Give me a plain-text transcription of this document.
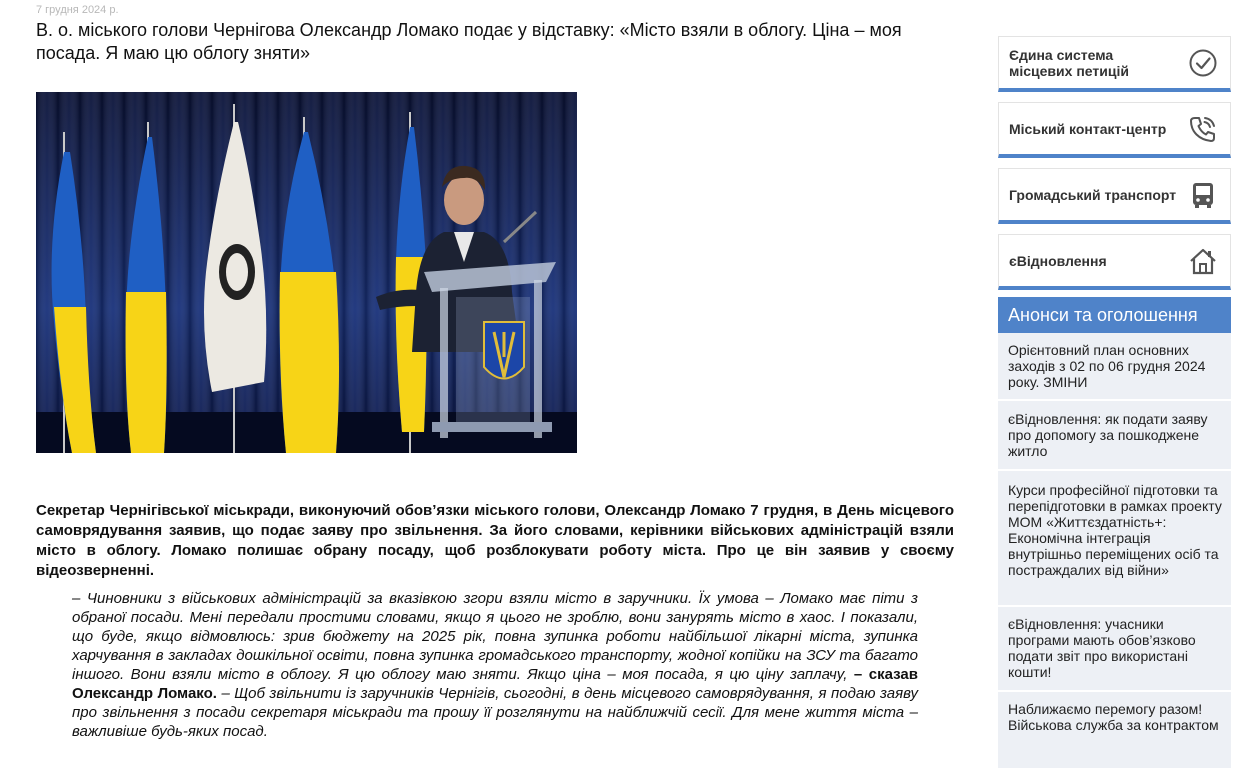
7 грудня 2024 р.
В. о. міського голови Чернігова Олександр Ломако подає у відставку: «Місто взяли в облогу. Ціна – моя посада. Я маю цю облогу зняти»

Секретар Чернігівської міськради, виконуючий обов’язки міського голови, Олександр Ломако 7 грудня, в День місцевого самоврядування заявив, що подає заяву про звільнення. За його словами, керівники військових адміністрацій взяли місто в облогу. Ломако полишає обрану посаду, щоб розблокувати роботу міста. Про це він заявив у своєму відеозверненні.

– Чиновники з військових адміністрацій за вказівкою згори взяли місто в заручники. Їх умова – Ломако має піти з обраної посади. Мені передали простими словами, якщо я цього не зроблю, вони занурять місто в хаос. І показали, що буде, якщо відмовлюсь: зрив бюджету на 2025 рік, повна зупинка роботи найбільшої лікарні міста, зупинка харчування в закладах дошкільної освіти, повна зупинка громадського транспорту, жодної копійки на ЗСУ та багато іншого. Вони взяли місто в облогу. Я цю облогу маю зняти. Якщо ціна – моя посада, я цю ціну заплачу, – сказав Олександр Ломако. – Щоб звільнити із заручників Чернігів, сьогодні, в день місцевого самоврядування, я подаю заяву про звільнення з посади секретаря міськради та прошу її розглянути на найближчій сесії. Для мене життя міста – важливіше будь-яких посад.

Єдина система місцевих петицій
Міський контакт-центр
Громадський транспорт
єВідновлення
Анонси та оголошення
Орієнтовний план основних заходів з 02 по 06 грудня 2024 року. ЗМІНИ
єВідновлення: як подати заяву про допомогу за пошкоджене житло
Курси професійної підготовки та перепідготовки в рамках проекту МОМ «Життєздатність+: Економічна інтеграція внутрішньо переміщених осіб та постраждалих від війни»
єВідновлення: учасники програми мають обов’язково подати звіт про використані кошти!
Наближаємо перемогу разом! Військова служба за контрактом
